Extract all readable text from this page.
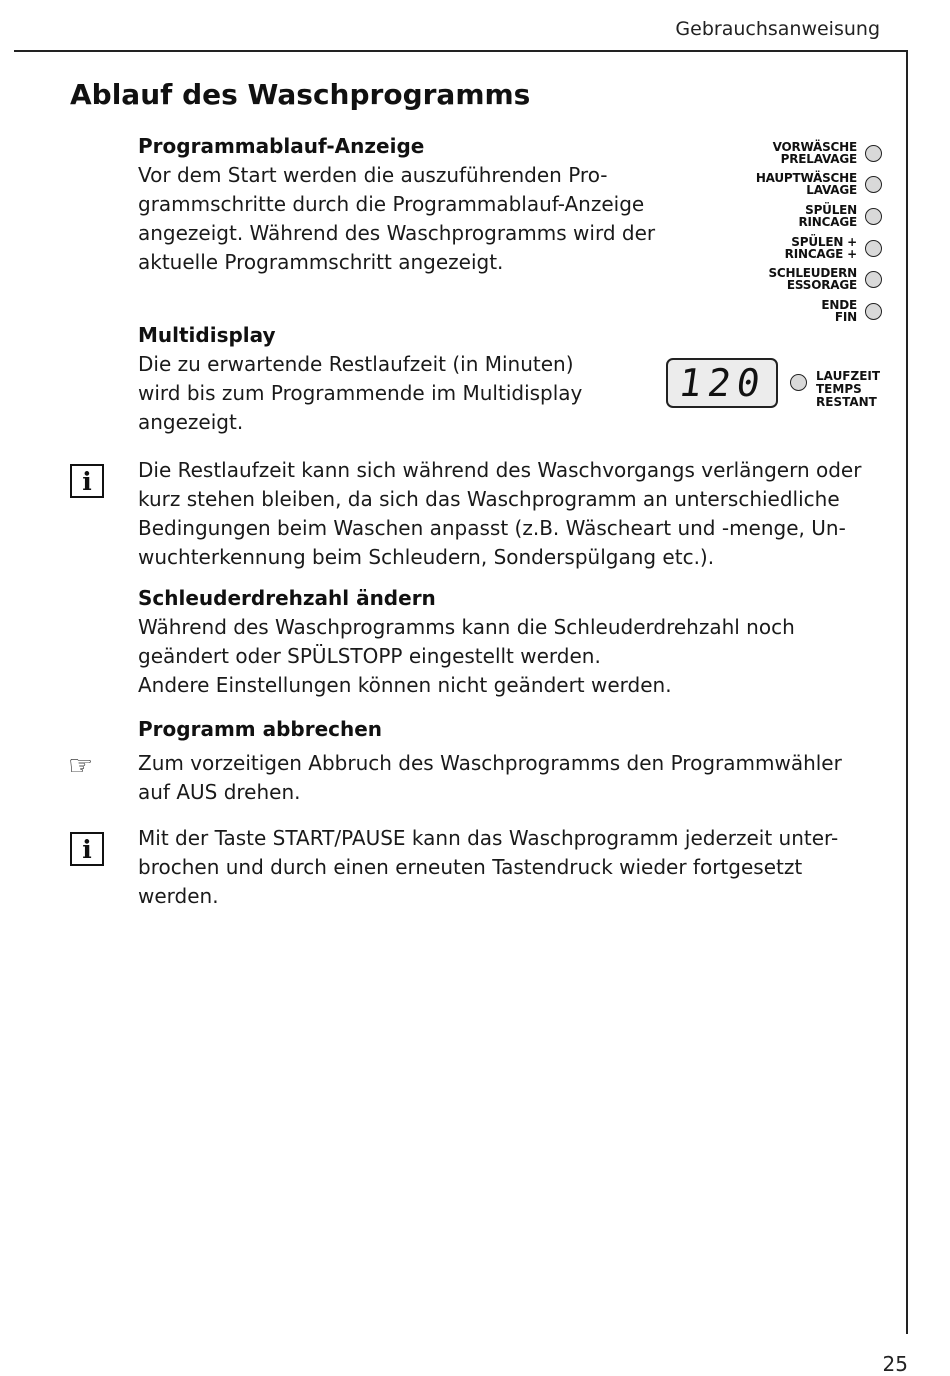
Gebrauchsanweisung
Ablauf des Waschprogramms
Programmablauf-Anzeige
Vor dem Start werden die auszuführenden Pro-
grammschritte durch die Programmablauf-Anzeige
angezeigt. Während des Waschprogramms wird der
aktuelle Programmschritt angezeigt.
VORWÄSCHE
PRELAVAGE
HAUPTWÄSCHE
LAVAGE
SPÜLEN
RINCAGE
SPÜLEN +
RINCAGE +
SCHLEUDERN
ESSORAGE
ENDE
FIN
Multidisplay
Die zu erwartende Restlaufzeit (in Minuten)
wird bis zum Programmende im Multidisplay
angezeigt.
120	LAUFZEIT
TEMPS
RESTANT
i	Die Restlaufzeit kann sich während des Waschvorgangs verlängern oder
kurz stehen bleiben, da sich das Waschprogramm an unterschiedliche
Bedingungen beim Waschen anpasst (z.B. Wäscheart und -menge, Un-
wuchterkennung beim Schleudern, Sonderspülgang etc.).
Schleuderdrehzahl ändern
Während des Waschprogramms kann die Schleuderdrehzahl noch
geändert oder SPÜLSTOPP eingestellt werden.
Andere Einstellungen können nicht geändert werden.
Programm abbrechen
Zum vorzeitigen Abbruch des Waschprogramms den Programmwähler
auf AUS drehen.
☞
i	Mit der Taste START/PAUSE kann das Waschprogramm jederzeit unter-
brochen und durch einen erneuten Tastendruck wieder fortgesetzt
werden.
25
